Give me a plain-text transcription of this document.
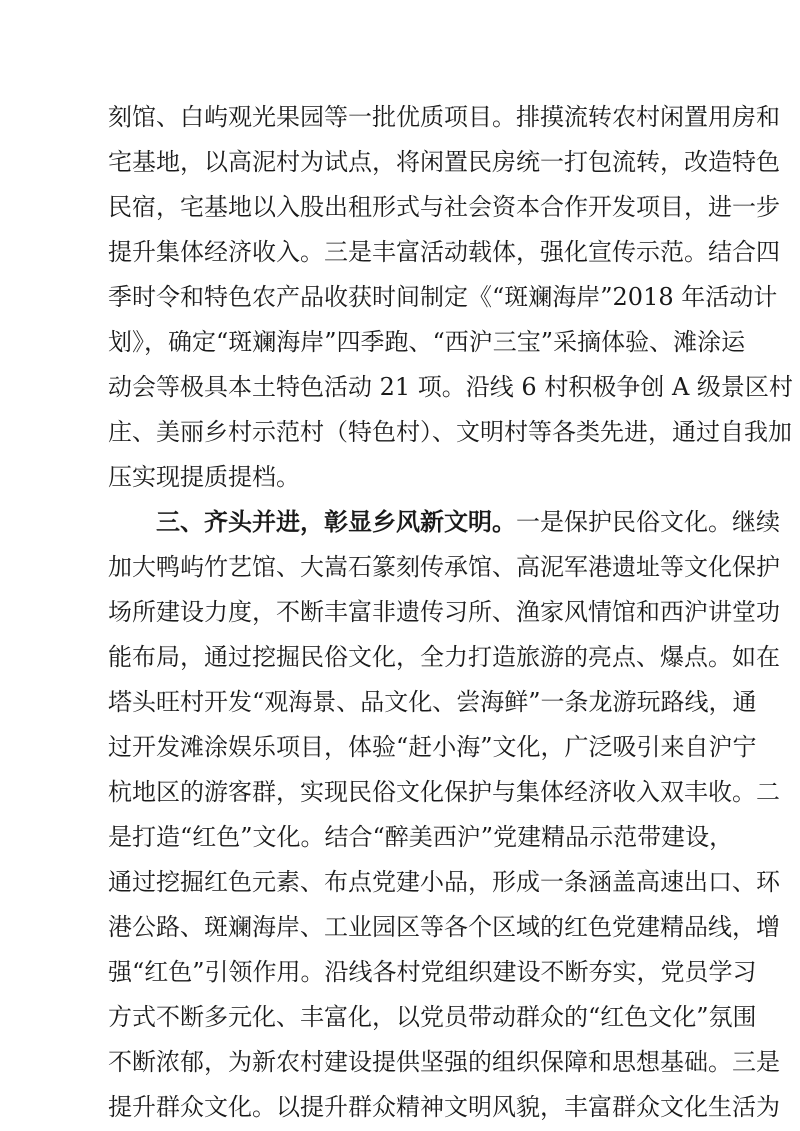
刻馆、白屿观光果园等一批优质项目。排摸流转农村闲置用房和
宅基地，以高泥村为试点，将闲置民房统一打包流转，改造特色
民宿，宅基地以入股出租形式与社会资本合作开发项目，进一步
提升集体经济收入。三是丰富活动载体，强化宣传示范。结合四
季时令和特色农产品收获时间制定《“斑斓海岸”2018 年活动计
划》，确定“斑斓海岸”四季跑、“西沪三宝”采摘体验、滩涂运
动会等极具本土特色活动 21 项。沿线 6 村积极争创 A 级景区村
庄、美丽乡村示范村（特色村）、文明村等各类先进，通过自我加
压实现提质提档。
三、齐头并进，彰显乡风新文明。一是保护民俗文化。继续
加大鸭屿竹艺馆、大嵩石篆刻传承馆、高泥军港遗址等文化保护
场所建设力度，不断丰富非遗传习所、渔家风情馆和西沪讲堂功
能布局，通过挖掘民俗文化，全力打造旅游的亮点、爆点。如在
塔头旺村开发“观海景、品文化、尝海鲜”一条龙游玩路线，通
过开发滩涂娱乐项目，体验“赶小海”文化，广泛吸引来自沪宁
杭地区的游客群，实现民俗文化保护与集体经济收入双丰收。二
是打造“红色”文化。结合“醉美西沪”党建精品示范带建设，
通过挖掘红色元素、布点党建小品，形成一条涵盖高速出口、环
港公路、斑斓海岸、工业园区等各个区域的红色党建精品线，增
强“红色”引领作用。沿线各村党组织建设不断夯实，党员学习
方式不断多元化、丰富化，以党员带动群众的“红色文化”氛围
不断浓郁，为新农村建设提供坚强的组织保障和思想基础。三是
提升群众文化。以提升群众精神文明风貌，丰富群众文化生活为
